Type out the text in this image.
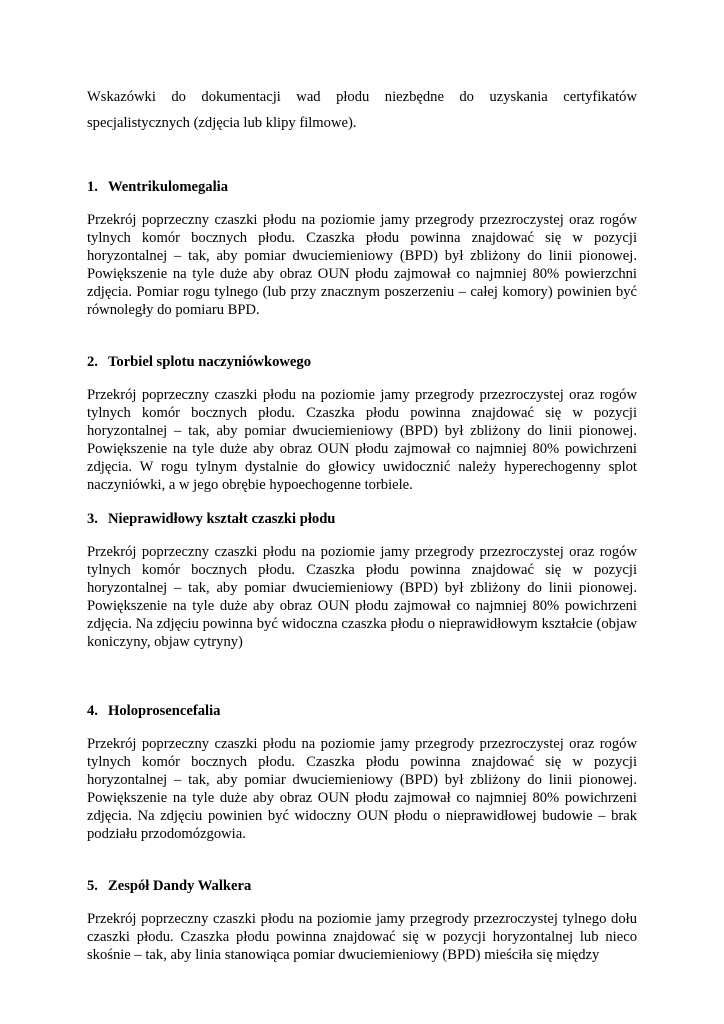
Wskazówki do dokumentacji wad płodu niezbędne do uzyskania certyfikatów specjalistycznych (zdjęcia lub klipy filmowe).

1. Wentrikulomegalia

Przekrój poprzeczny czaszki płodu na poziomie jamy przegrody przezroczystej oraz rogów tylnych komór bocznych płodu. Czaszka płodu powinna znajdować się w pozycji horyzontalnej – tak, aby pomiar dwuciemieniowy (BPD) był zbliżony do linii pionowej. Powiększenie na tyle duże aby obraz OUN płodu zajmował co najmniej 80% powierzchni zdjęcia. Pomiar rogu tylnego (lub przy znacznym poszerzeniu – całej komory) powinien być równoległy do pomiaru BPD.

2. Torbiel splotu naczyniówkowego

Przekrój poprzeczny czaszki płodu na poziomie jamy przegrody przezroczystej oraz rogów tylnych komór bocznych płodu. Czaszka płodu powinna znajdować się w pozycji horyzontalnej – tak, aby pomiar dwuciemieniowy (BPD) był zbliżony do linii pionowej. Powiększenie na tyle duże aby obraz OUN płodu zajmował co najmniej 80% powichrzeni zdjęcia. W rogu tylnym dystalnie do głowicy uwidocznić należy hyperechogenny splot naczyniówki, a w jego obrębie hypoechogenne torbiele.

3. Nieprawidłowy kształt czaszki płodu

Przekrój poprzeczny czaszki płodu na poziomie jamy przegrody przezroczystej oraz rogów tylnych komór bocznych płodu. Czaszka płodu powinna znajdować się w pozycji horyzontalnej – tak, aby pomiar dwuciemieniowy (BPD) był zbliżony do linii pionowej. Powiększenie na tyle duże aby obraz OUN płodu zajmował co najmniej 80% powichrzeni zdjęcia. Na zdjęciu powinna być widoczna czaszka płodu o nieprawidłowym kształcie (objaw koniczyny, objaw cytryny)

4. Holoprosencefalia

Przekrój poprzeczny czaszki płodu na poziomie jamy przegrody przezroczystej oraz rogów tylnych komór bocznych płodu. Czaszka płodu powinna znajdować się w pozycji horyzontalnej – tak, aby pomiar dwuciemieniowy (BPD) był zbliżony do linii pionowej. Powiększenie na tyle duże aby obraz OUN płodu zajmował co najmniej 80% powichrzeni zdjęcia. Na zdjęciu powinien być widoczny OUN płodu o nieprawidłowej budowie – brak podziału przodomózgowia.

5. Zespół Dandy Walkera

Przekrój poprzeczny czaszki płodu na poziomie jamy przegrody przezroczystej tylnego dołu czaszki płodu. Czaszka płodu powinna znajdować się w pozycji horyzontalnej lub nieco skośnie – tak, aby linia stanowiąca pomiar dwuciemieniowy (BPD) mieściła się między
